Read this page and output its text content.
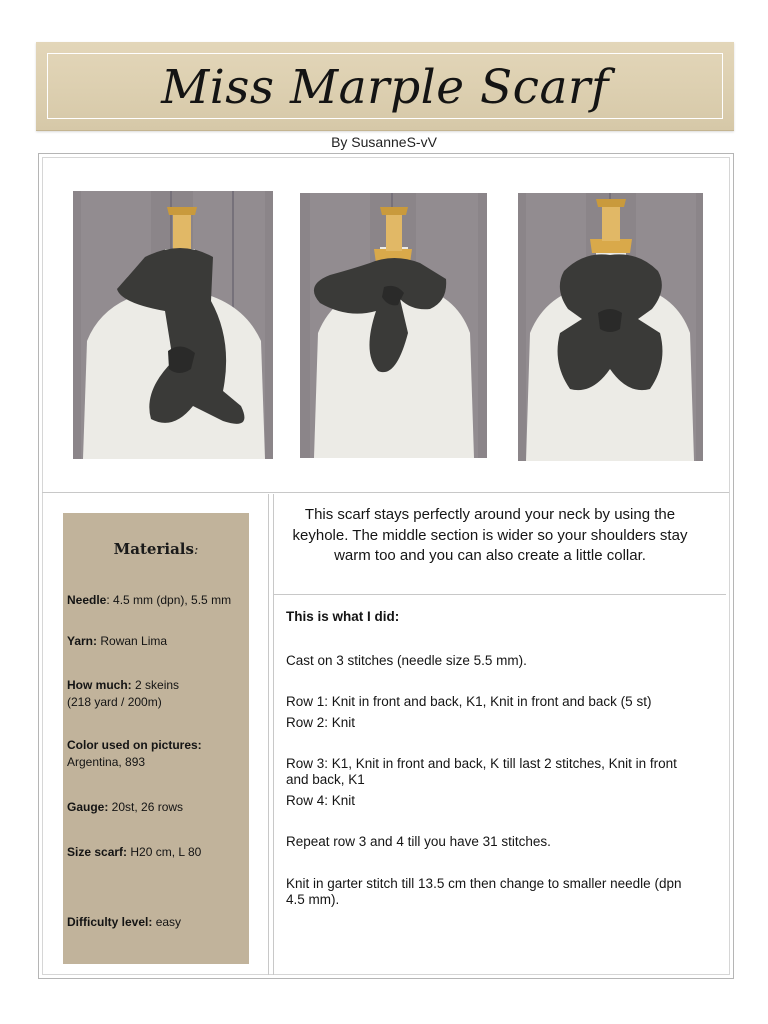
Miss Marple Scarf
By SusanneS-vV
Materials:
Needle: 4.5 mm (dpn), 5.5 mm
Yarn: Rowan Lima
How much: 2 skeins
(218 yard / 200m)
Color used on pictures:
Argentina, 893
Gauge: 20st, 26 rows
Size scarf: H20 cm, L 80
Difficulty level: easy
This scarf stays perfectly around your neck by using the keyhole. The middle section is wider so your shoulders stay warm too and you can also create a little collar.
This is what I did:
Cast on 3 stitches (needle size 5.5 mm).
Row 1: Knit in front and back, K1, Knit in front and back (5 st)
Row 2: Knit
Row 3: K1, Knit in front and back, K till last 2 stitches, Knit in front and back, K1
Row 4: Knit
Repeat row 3 and 4 till you have 31 stitches.
Knit in garter stitch till 13.5 cm then change to smaller needle (dpn 4.5 mm).
